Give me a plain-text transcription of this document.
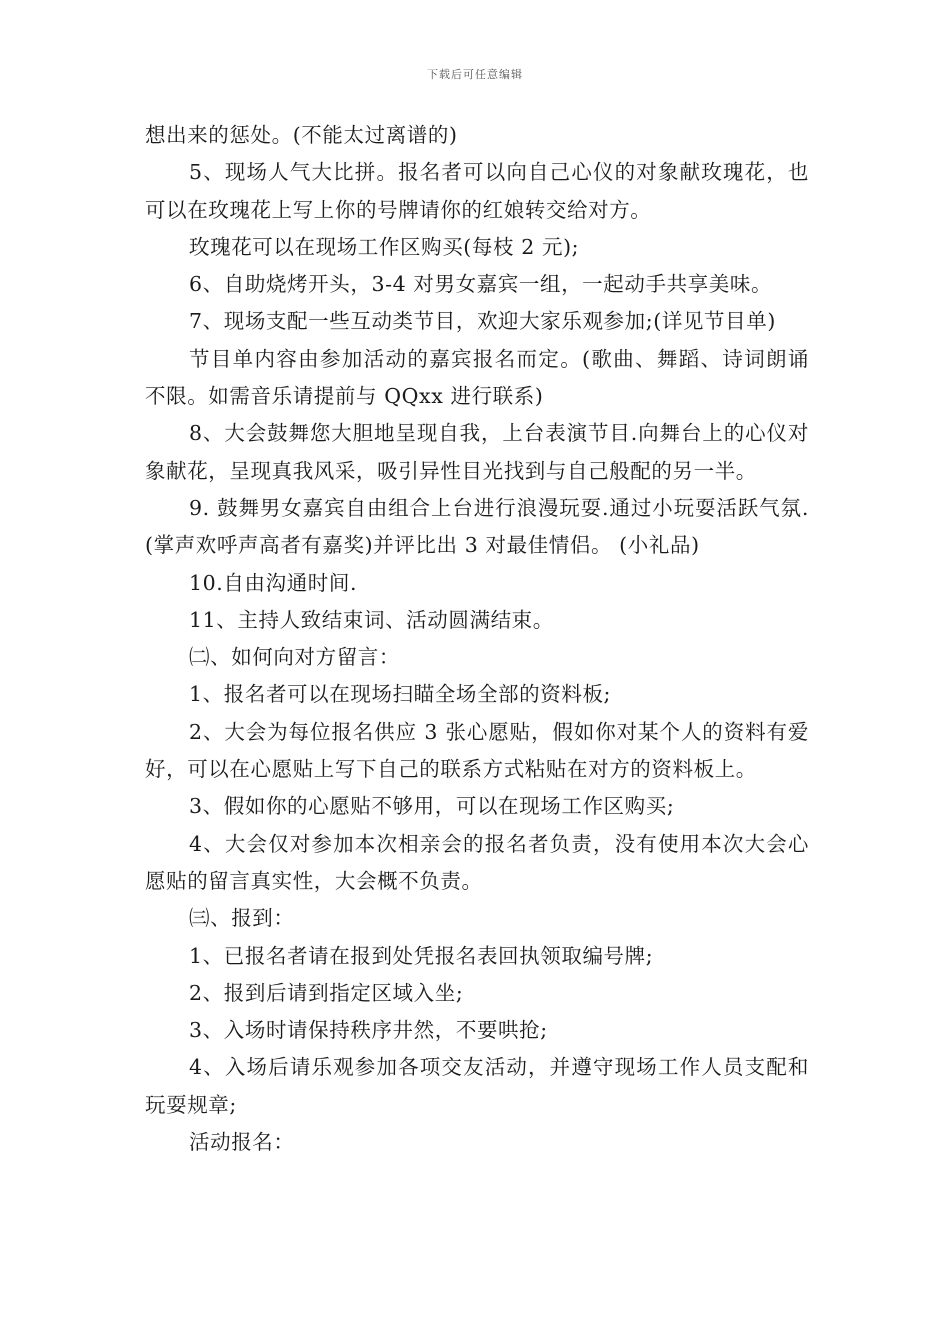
下载后可任意编辑

想出来的惩处。(不能太过离谱的)

5、现场人气大比拼。报名者可以向自己心仪的对象献玫瑰花，也可以在玫瑰花上写上你的号牌请你的红娘转交给对方。

玫瑰花可以在现场工作区购买(每枝 2 元);

6、自助烧烤开头，3-4 对男女嘉宾一组，一起动手共享美味。

7、现场支配一些互动类节目，欢迎大家乐观参加;(详见节目单)

节目单内容由参加活动的嘉宾报名而定。(歌曲、舞蹈、诗词朗诵不限。如需音乐请提前与 QQxx 进行联系)

8、大会鼓舞您大胆地呈现自我，上台表演节目.向舞台上的心仪对象献花，呈现真我风采，吸引异性目光找到与自己般配的另一半。

9. 鼓舞男女嘉宾自由组合上台进行浪漫玩耍.通过小玩耍活跃气氛.(掌声欢呼声高者有嘉奖)并评比出 3 对最佳情侣。 (小礼品)

10.自由沟通时间.

11、主持人致结束词、活动圆满结束。

㈡、如何向对方留言：

1、报名者可以在现场扫瞄全场全部的资料板;

2、大会为每位报名供应 3 张心愿贴，假如你对某个人的资料有爱好，可以在心愿贴上写下自己的联系方式粘贴在对方的资料板上。

3、假如你的心愿贴不够用，可以在现场工作区购买;

4、大会仅对参加本次相亲会的报名者负责，没有使用本次大会心愿贴的留言真实性，大会概不负责。

㈢、报到：

1、已报名者请在报到处凭报名表回执领取编号牌;

2、报到后请到指定区域入坐;

3、入场时请保持秩序井然，不要哄抢;

4、入场后请乐观参加各项交友活动，并遵守现场工作人员支配和玩耍规章;

活动报名：
